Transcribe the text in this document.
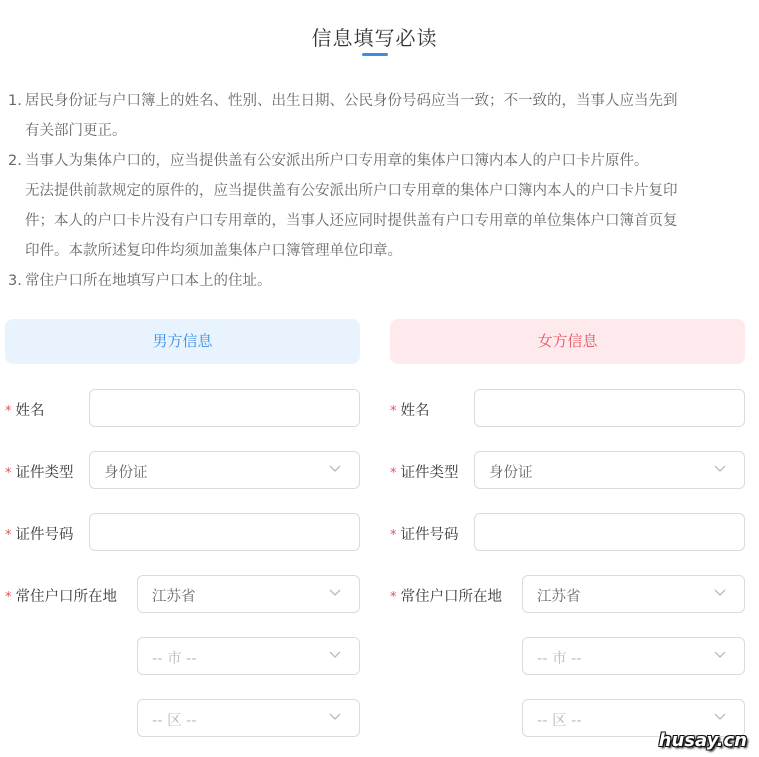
信息填写必读
1. 居民身份证与户口簿上的姓名、性别、出生日期、公民身份号码应当一致；不一致的，当事人应当先到
有关部门更正。
2. 当事人为集体户口的，应当提供盖有公安派出所户口专用章的集体户口簿内本人的户口卡片原件。
无法提供前款规定的原件的，应当提供盖有公安派出所户口专用章的集体户口簿内本人的户口卡片复印
件；本人的户口卡片没有户口专用章的，当事人还应同时提供盖有户口专用章的单位集体户口簿首页复
印件。本款所述复印件均须加盖集体户口簿管理单位印章。
3. 常住户口所在地填写户口本上的住址。
男方信息	女方信息
* 姓名
* 证件类型 身份证
* 证件号码
* 常住户口所在地 江苏省
-- 市 --
-- 区 --
* 姓名
* 证件类型 身份证
* 证件号码
* 常住户口所在地 江苏省
-- 市 --
-- 区 --
husay.cn
